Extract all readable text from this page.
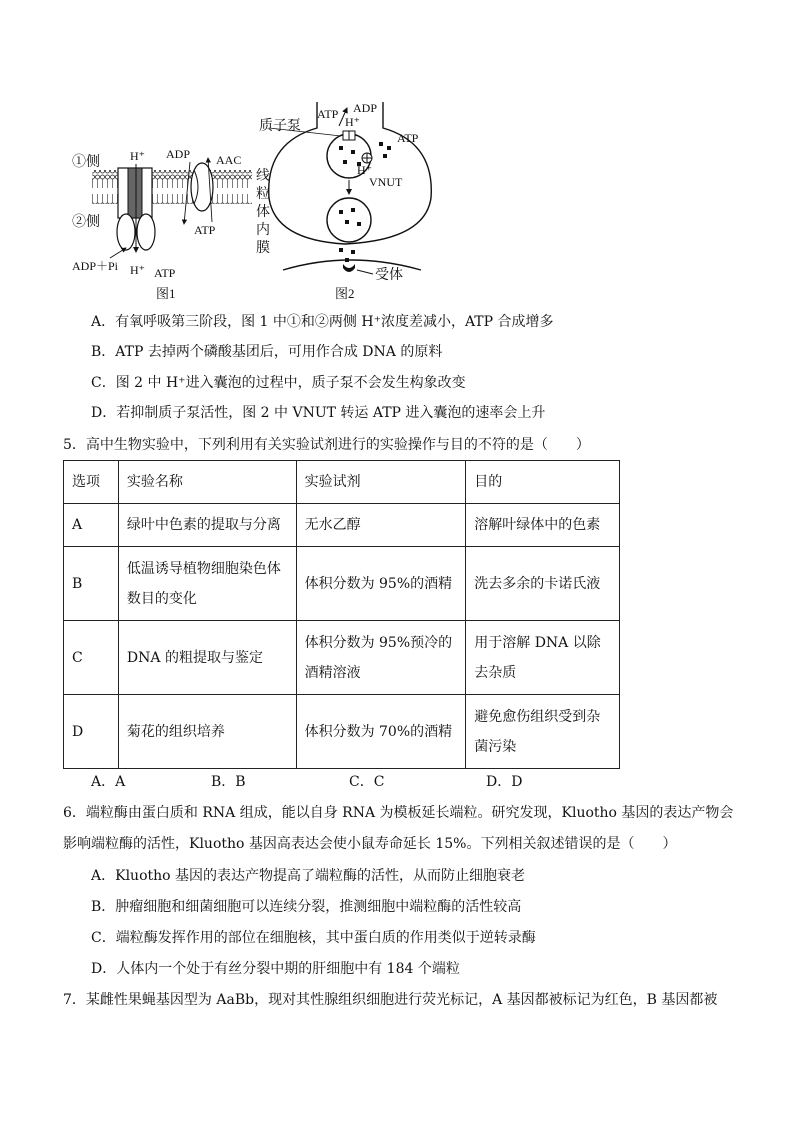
①侧
②侧
H⁺ ADP AAC
线
粒
体
内
膜
ATP
ADP＋Pi H⁺ ATP
图1
质子泵
ATP ADP
H⁺
ATP
H⁺
VNUT
受体
图2
A．有氧呼吸第三阶段，图 1 中①和②两侧 H⁺浓度差减小，ATP 合成增多
B．ATP 去掉两个磷酸基团后，可用作合成 DNA 的原料
C．图 2 中 H⁺进入囊泡的过程中，质子泵不会发生构象改变
D．若抑制质子泵活性，图 2 中 VNUT 转运 ATP 进入囊泡的速率会上升
5．高中生物实验中，下列利用有关实验试剂进行的实验操作与目的不符的是（　　）
选项	实验名称	实验试剂	目的
A	绿叶中色素的提取与分离	无水乙醇	溶解叶绿体中的色素
B	低温诱导植物细胞染色体数目的变化	体积分数为 95%的酒精	洗去多余的卡诺氏液
C	DNA 的粗提取与鉴定	体积分数为 95%预冷的酒精溶液	用于溶解 DNA 以除去杂质
D	菊花的组织培养	体积分数为 70%的酒精	避免愈伤组织受到杂菌污染
A．A	B．B	C．C	D．D
6．端粒酶由蛋白质和 RNA 组成，能以自身 RNA 为模板延长端粒。研究发现，Kluotho 基因的表达产物会
影响端粒酶的活性，Kluotho 基因高表达会使小鼠寿命延长 15%。下列相关叙述错误的是（　　）
A．Kluotho 基因的表达产物提高了端粒酶的活性，从而防止细胞衰老
B．肿瘤细胞和细菌细胞可以连续分裂，推测细胞中端粒酶的活性较高
C．端粒酶发挥作用的部位在细胞核，其中蛋白质的作用类似于逆转录酶
D．人体内一个处于有丝分裂中期的肝细胞中有 184 个端粒
7．某雌性果蝇基因型为 AaBb，现对其性腺组织细胞进行荧光标记，A 基因都被标记为红色，B 基因都被
